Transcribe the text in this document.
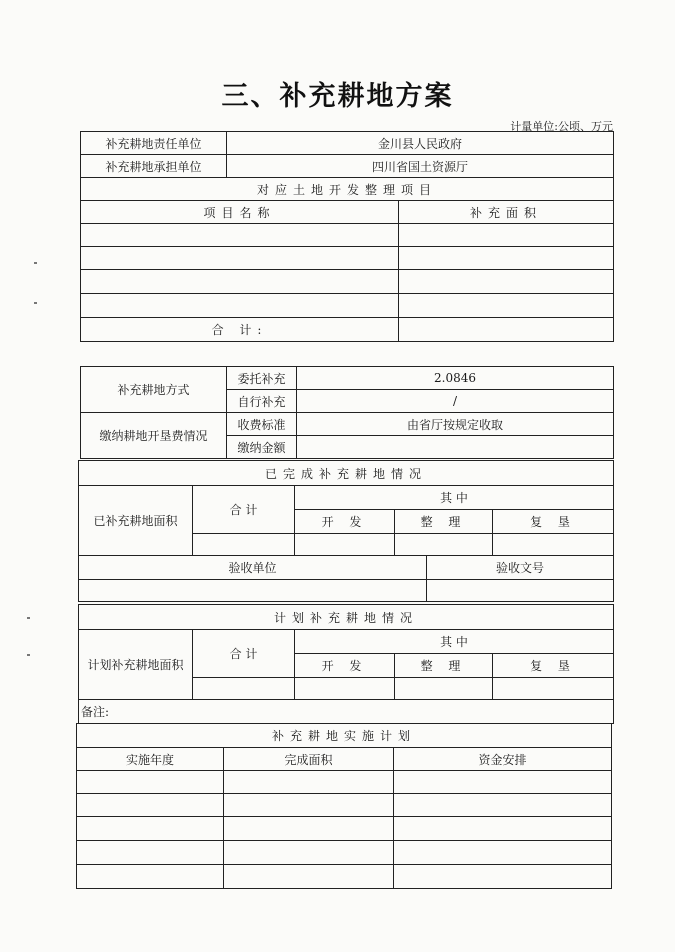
三、补充耕地方案
计量单位:公顷、万元
补充耕地责任单位	金川县人民政府	
补充耕地承担单位	四川省国土资源厅	
对应土地开发整理项目		
项目名称		补充面积

合 计:		
补充耕地方式	委托补充	2.0846
	自行补充	/
缴纳耕地开垦费情况	收费标准	由省厅按规定收取
	缴纳金额	
已完成补充耕地情况				
已补充耕地面积	合 计	其 中		
		开 发	整 理	复 垦

验收单位	验收文号

计划补充耕地情况				
计划补充耕地面积	合 计	其 中		
		开 发	整 理	复 垦

备注:				
补充耕地实施计划		
实施年度	完成面积	资金安排
